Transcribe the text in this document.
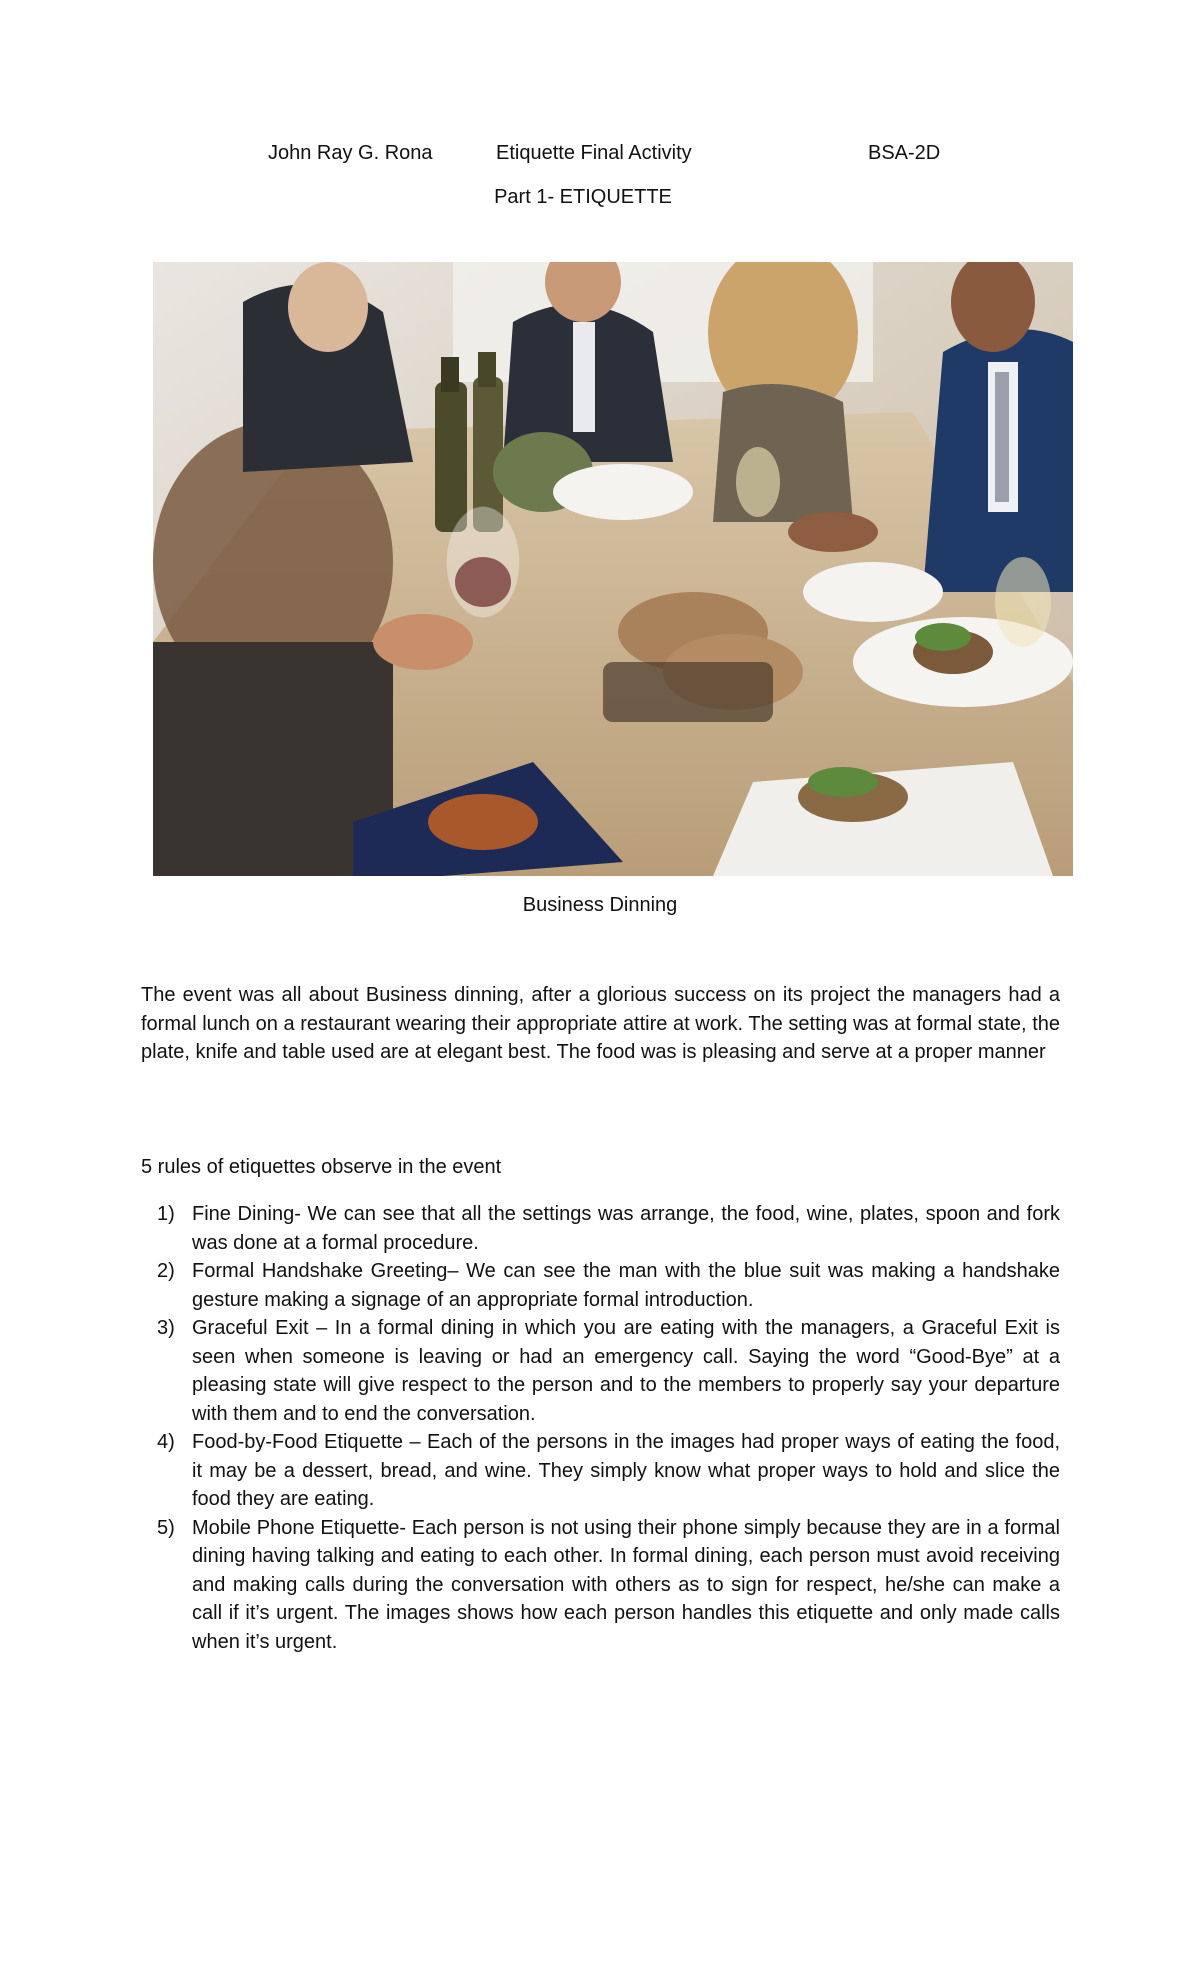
John Ray G. Rona	Etiquette Final Activity	BSA-2D
Part 1- ETIQUETTE
Business Dinning

The event was all about Business dinning, after a glorious success on its project the managers had a formal lunch on a restaurant wearing their appropriate attire at work. The setting was at formal state, the plate, knife and table used are at elegant best. The food was is pleasing and serve at a proper manner

5 rules of etiquettes observe in the event

1) Fine Dining- We can see that all the settings was arrange, the food, wine, plates, spoon and fork was done at a formal procedure.
2) Formal Handshake Greeting– We can see the man with the blue suit was making a handshake gesture making a signage of an appropriate formal introduction.
3) Graceful Exit – In a formal dining in which you are eating with the managers, a Graceful Exit is seen when someone is leaving or had an emergency call. Saying the word “Good-Bye” at a pleasing state will give respect to the person and to the members to properly say your departure with them and to end the conversation.
4) Food-by-Food Etiquette – Each of the persons in the images had proper ways of eating the food, it may be a dessert, bread, and wine. They simply know what proper ways to hold and slice the food they are eating.
5) Mobile Phone Etiquette- Each person is not using their phone simply because they are in a formal dining having talking and eating to each other. In formal dining, each person must avoid receiving and making calls during the conversation with others as to sign for respect, he/she can make a call if it’s urgent. The images shows how each person handles this etiquette and only made calls when it’s urgent.
